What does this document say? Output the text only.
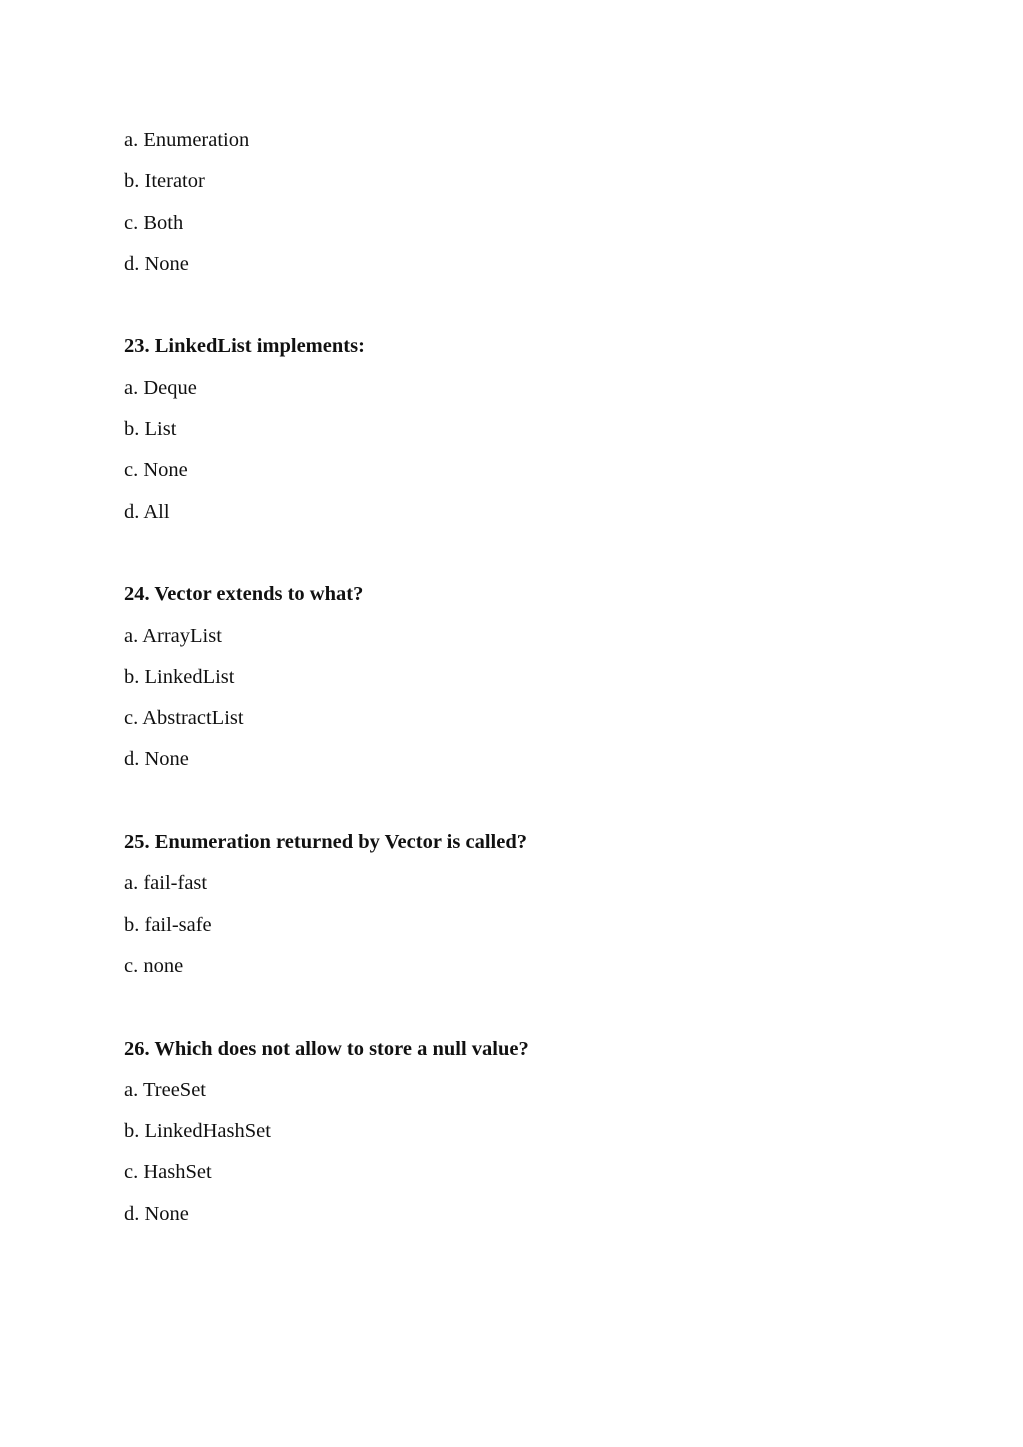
a. Enumeration
b. Iterator
c. Both
d. None
23. LinkedList implements:
a. Deque
b. List
c. None
d. All
24. Vector extends to what?
a. ArrayList
b. LinkedList
c. AbstractList
d. None
25. Enumeration returned by Vector is called?
a. fail-fast
b. fail-safe
c. none
26. Which does not allow to store a null value?
a. TreeSet
b. LinkedHashSet
c. HashSet
d. None
